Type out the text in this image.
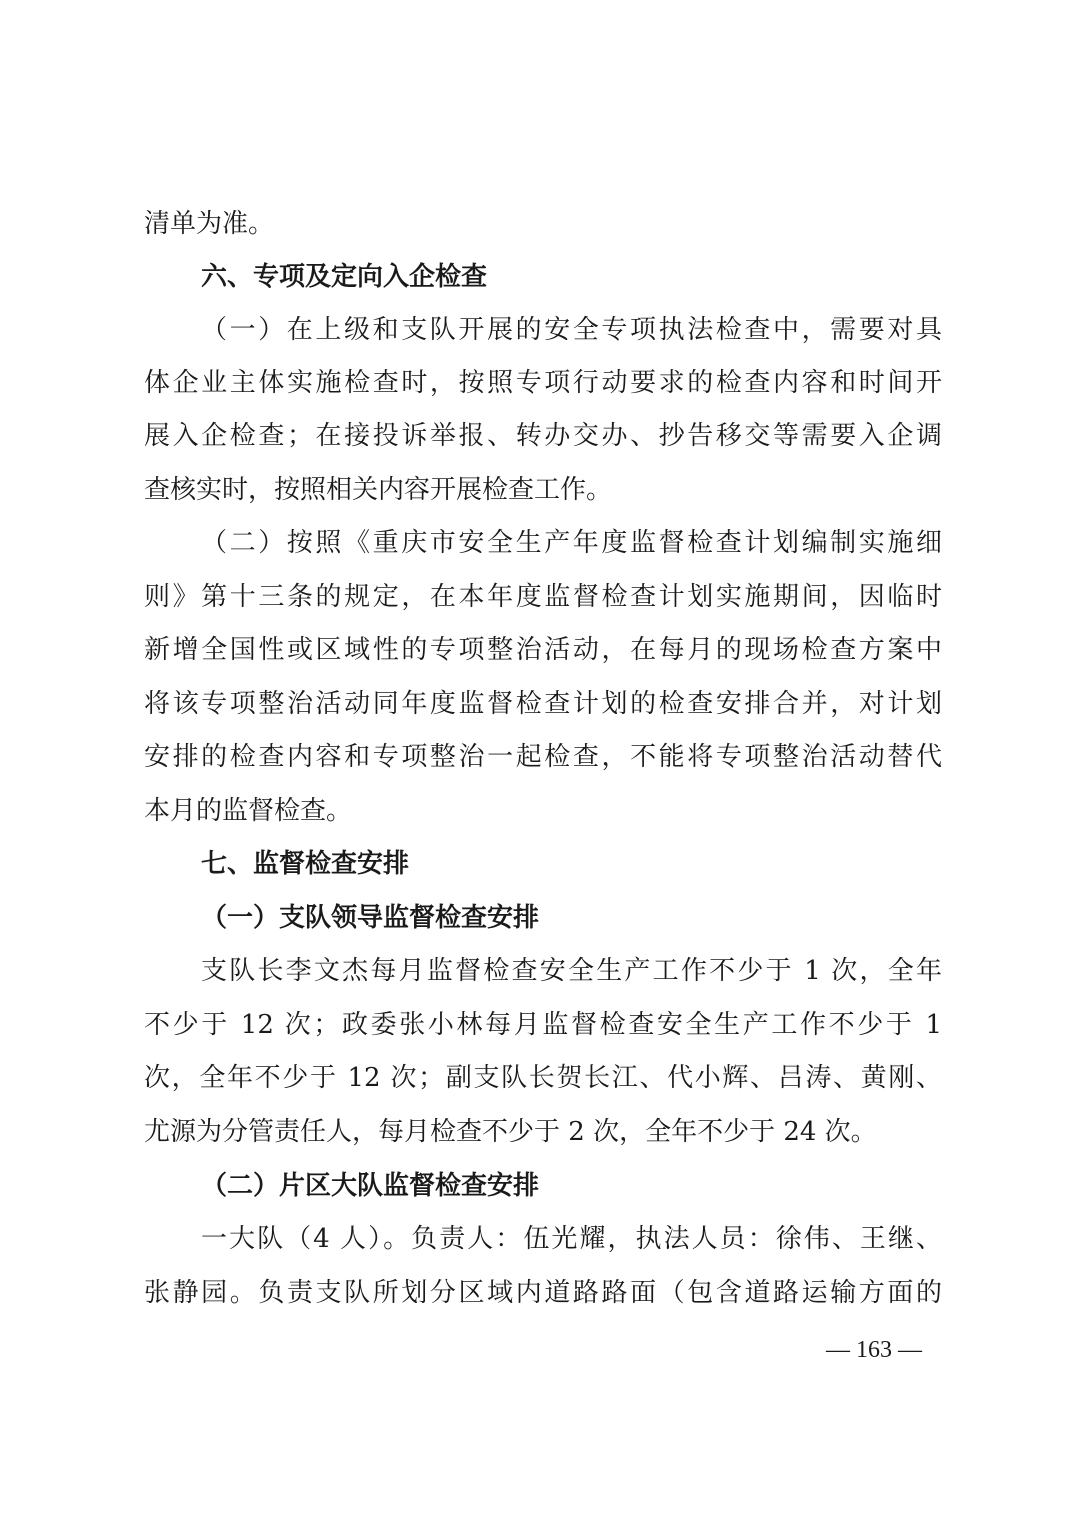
清单为准。
六、专项及定向入企检查
（一）在上级和支队开展的安全专项执法检查中，需要对具
体企业主体实施检查时，按照专项行动要求的检查内容和时间开
展入企检查；在接投诉举报、转办交办、抄告移交等需要入企调
查核实时，按照相关内容开展检查工作。
（二）按照《重庆市安全生产年度监督检查计划编制实施细
则》第十三条的规定，在本年度监督检查计划实施期间，因临时
新增全国性或区域性的专项整治活动，在每月的现场检查方案中
将该专项整治活动同年度监督检查计划的检查安排合并，对计划
安排的检查内容和专项整治一起检查，不能将专项整治活动替代
本月的监督检查。
七、监督检查安排
（一）支队领导监督检查安排
支队长李文杰每月监督检查安全生产工作不少于 1 次，全年
不少于 12 次；政委张小林每月监督检查安全生产工作不少于 1
次，全年不少于 12 次；副支队长贺长江、代小辉、吕涛、黄刚、
尤源为分管责任人，每月检查不少于 2 次，全年不少于 24 次。
（二）片区大队监督检查安排
一大队（4 人）。负责人：伍光耀，执法人员：徐伟、王继、
张静园。负责支队所划分区域内道路路面（包含道路运输方面的
— 163 —
